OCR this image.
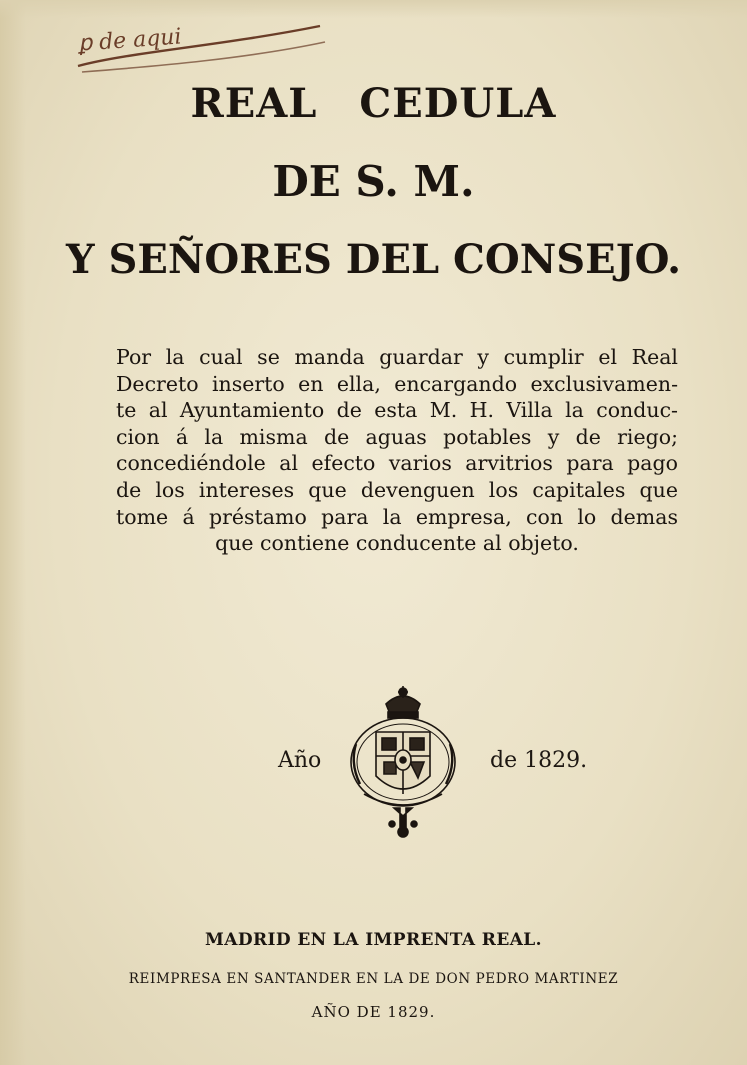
ꝑ de aqui
REAL CEDULA
DE S. M.
Y SEÑORES DEL CONSEJO.
Por la cual se manda guardar y cumplir el Real
Decreto inserto en ella, encargando exclusivamen-
te al Ayuntamiento de esta M. H. Villa la conduc-
cion á la misma de aguas potables y de riego;
concediéndole al efecto varios arvitrios para pago
de los intereses que devenguen los capitales que
tome á préstamo para la empresa, con lo demas
que contiene conducente al objeto.
Año	de 1829.
MADRID EN LA IMPRENTA REAL.
REIMPRESA EN SANTANDER EN LA DE DON PEDRO MARTINEZ
AÑO DE 1829.
